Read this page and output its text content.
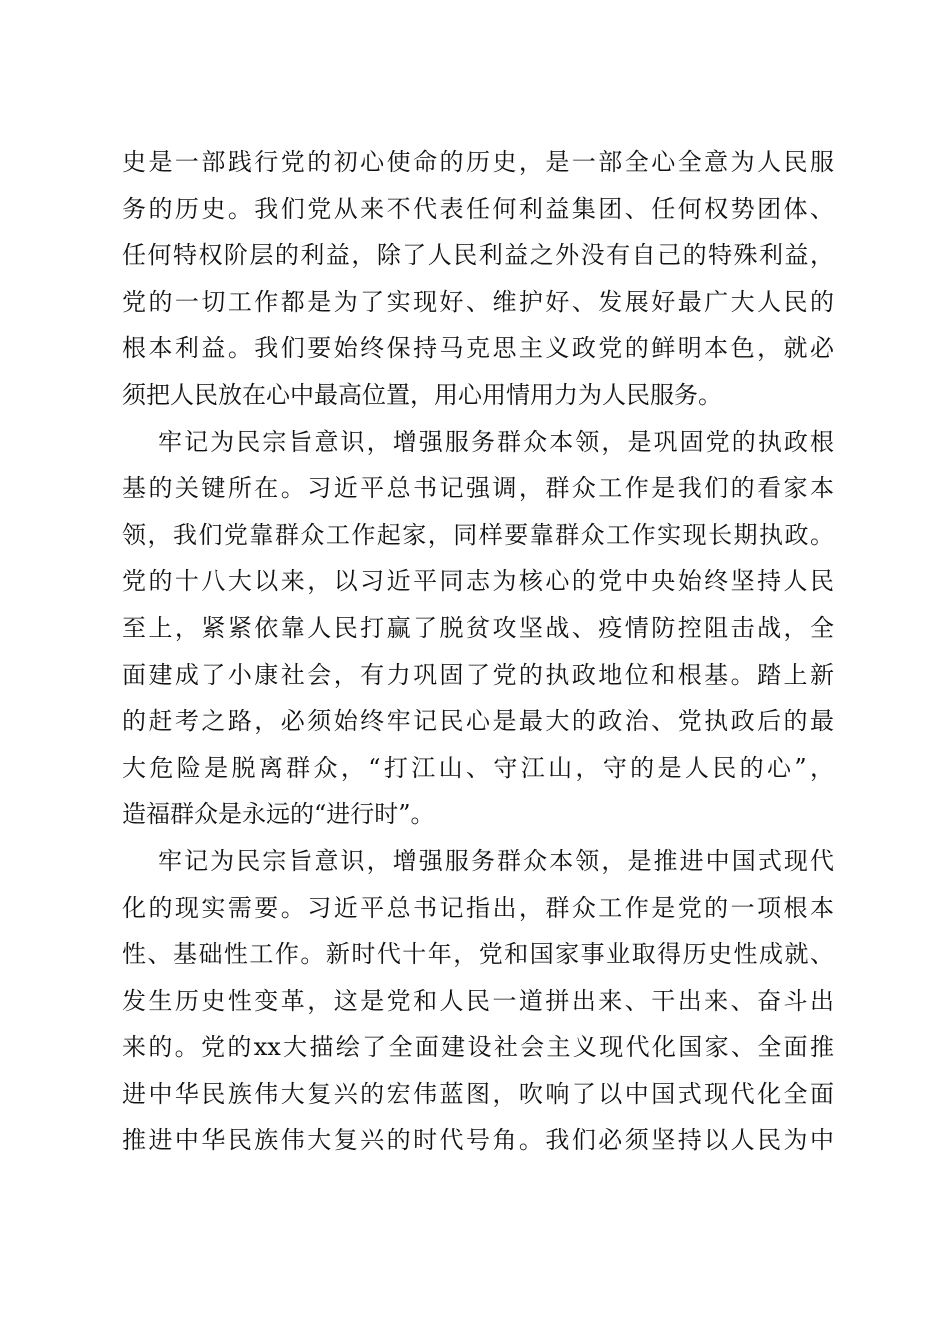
史是一部践行党的初心使命的历史，是一部全心全意为人民服
务的历史。我们党从来不代表任何利益集团、任何权势团体、
任何特权阶层的利益，除了人民利益之外没有自己的特殊利益，
党的一切工作都是为了实现好、维护好、发展好最广大人民的
根本利益。我们要始终保持马克思主义政党的鲜明本色，就必
须把人民放在心中最高位置，用心用情用力为人民服务。
牢记为民宗旨意识，增强服务群众本领，是巩固党的执政根
基的关键所在。习近平总书记强调，群众工作是我们的看家本
领，我们党靠群众工作起家，同样要靠群众工作实现长期执政。
党的十八大以来，以习近平同志为核心的党中央始终坚持人民
至上，紧紧依靠人民打赢了脱贫攻坚战、疫情防控阻击战，全
面建成了小康社会，有力巩固了党的执政地位和根基。踏上新
的赶考之路，必须始终牢记民心是最大的政治、党执政后的最
大危险是脱离群众，“打江山、守江山，守的是人民的心”，
造福群众是永远的“进行时”。
牢记为民宗旨意识，增强服务群众本领，是推进中国式现代
化的现实需要。习近平总书记指出，群众工作是党的一项根本
性、基础性工作。新时代十年，党和国家事业取得历史性成就、
发生历史性变革，这是党和人民一道拼出来、干出来、奋斗出
来的。党的xx大描绘了全面建设社会主义现代化国家、全面推
进中华民族伟大复兴的宏伟蓝图，吹响了以中国式现代化全面
推进中华民族伟大复兴的时代号角。我们必须坚持以人民为中
